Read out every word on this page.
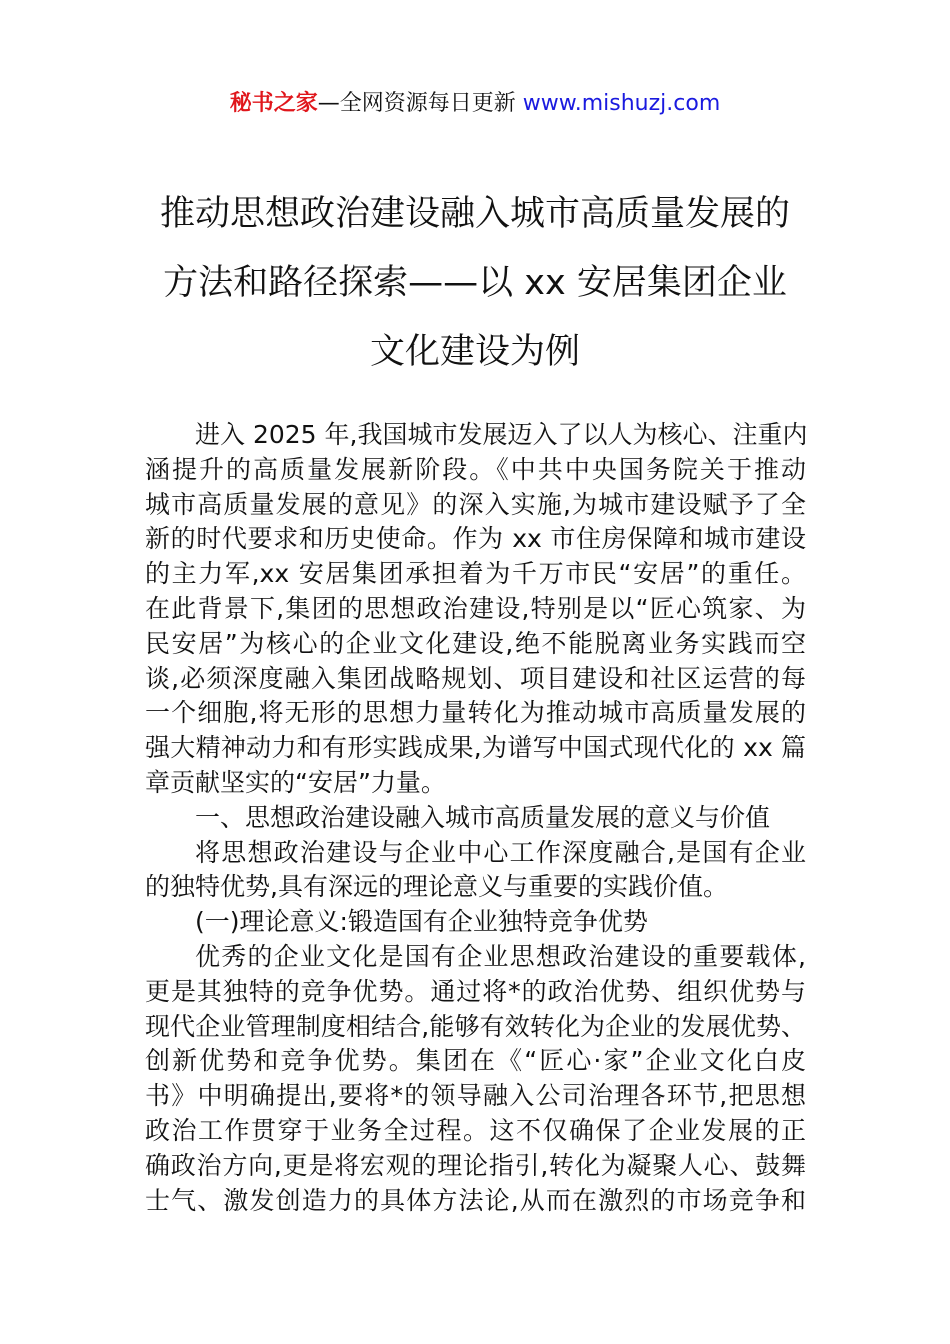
秘书之家—全网资源每日更新 www.mishuzj.com
推动思想政治建设融入城市高质量发展的
方法和路径探索——以 xx 安居集团企业
文化建设为例
进入 2025 年,我国城市发展迈入了以人为核心、注重内
涵提升的高质量发展新阶段。《中共中央国务院关于推动
城市高质量发展的意见》的深入实施,为城市建设赋予了全
新的时代要求和历史使命。作为 xx 市住房保障和城市建设
的主力军,xx 安居集团承担着为千万市民“安居”的重任。
在此背景下,集团的思想政治建设,特别是以“匠心筑家、为
民安居”为核心的企业文化建设,绝不能脱离业务实践而空
谈,必须深度融入集团战略规划、项目建设和社区运营的每
一个细胞,将无形的思想力量转化为推动城市高质量发展的
强大精神动力和有形实践成果,为谱写中国式现代化的 xx 篇
章贡献坚实的“安居”力量。
一、思想政治建设融入城市高质量发展的意义与价值
将思想政治建设与企业中心工作深度融合,是国有企业
的独特优势,具有深远的理论意义与重要的实践价值。
(一)理论意义:锻造国有企业独特竞争优势
优秀的企业文化是国有企业思想政治建设的重要载体,
更是其独特的竞争优势。通过将*的政治优势、组织优势与
现代企业管理制度相结合,能够有效转化为企业的发展优势、
创新优势和竞争优势。集团在《“匠心·家”企业文化白皮
书》中明确提出,要将*的领导融入公司治理各环节,把思想
政治工作贯穿于业务全过程。这不仅确保了企业发展的正
确政治方向,更是将宏观的理论指引,转化为凝聚人心、鼓舞
士气、激发创造力的具体方法论,从而在激烈的市场竞争和
